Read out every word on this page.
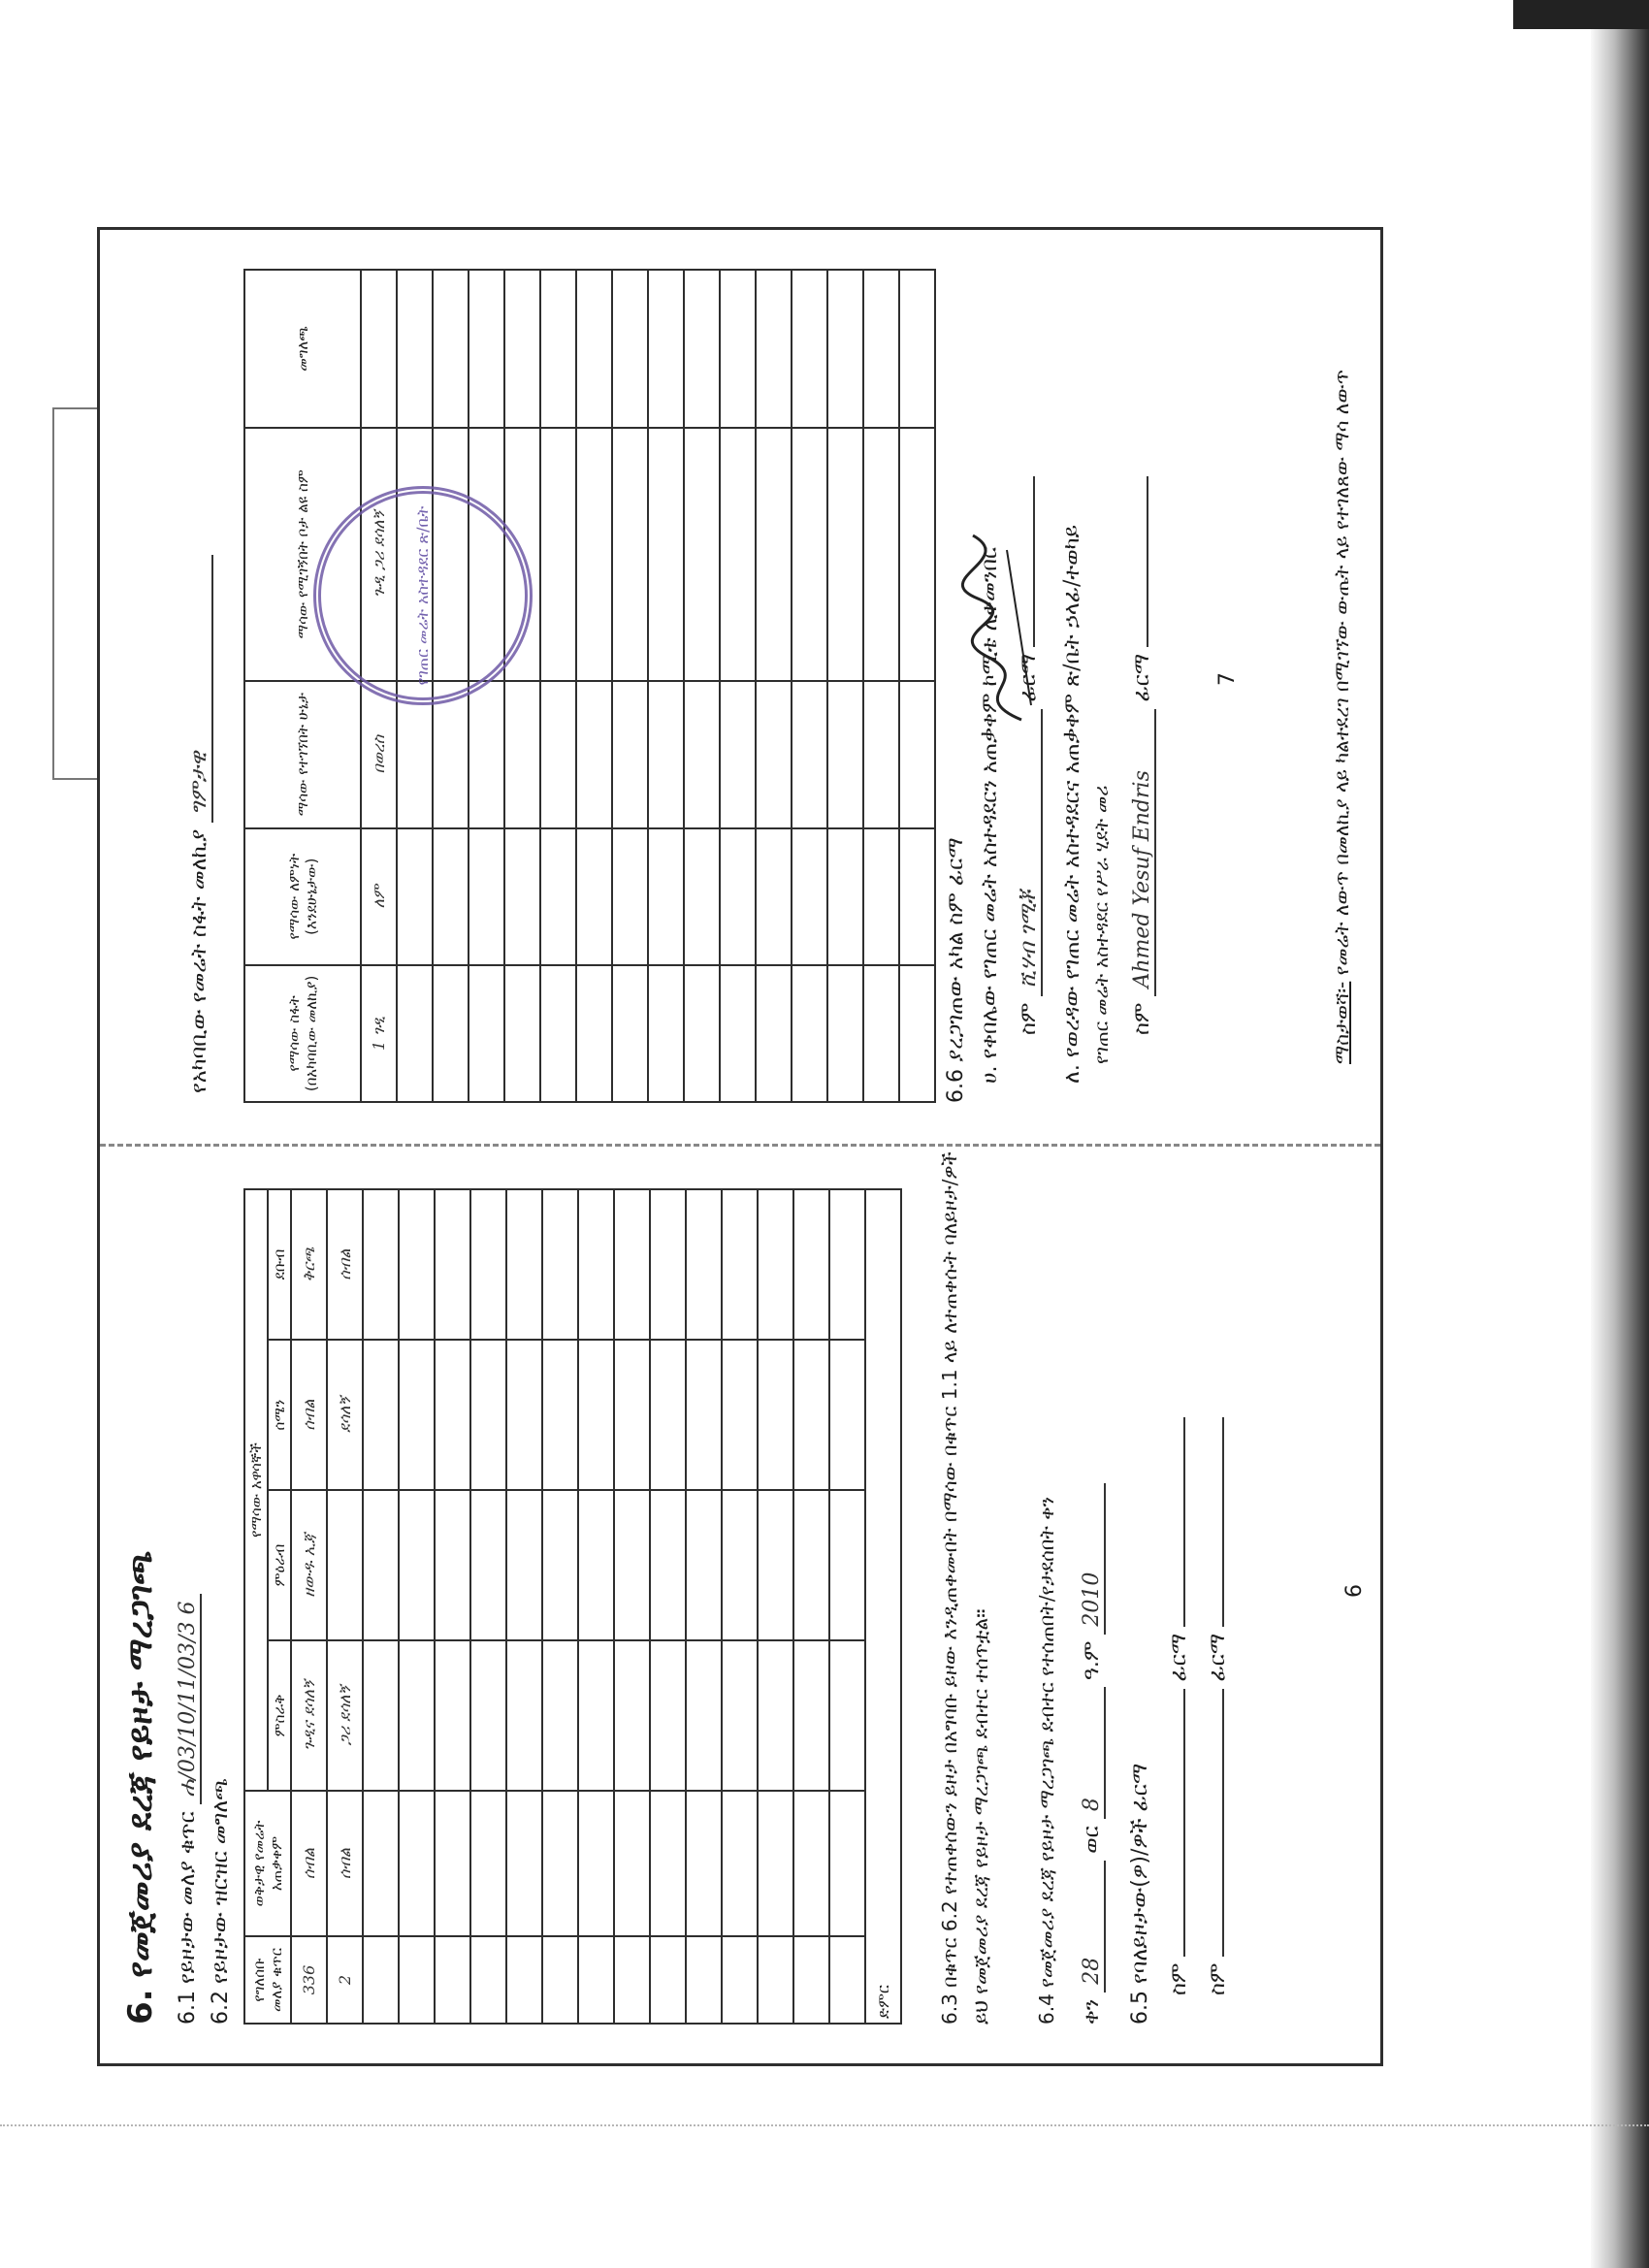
6. የመጀመሪያ ደረጃ የይዞታ ማረጋገጫ 6.1 የይዞታው መለያ ቁጥር ሐ/03/10/11/03/3 6
6.2 የይዞታው ዝርዝር መግለጫ የግለሰቡ መለያ ቁጥር	ወቅታዊ የመሬት አጠቃቀም	የማሳው አዋሳኞች			
		ምስራቅ	ምዕራብ	ሰሜን	ደቡብ
336	ሰብል	ጉዲና ደሳለኝ	ዘውዱ ኢጃ	ሰብል	ቅርጫ
2	ሰብል	ጋሪ ደሳለኝ		ደሳለኝ	ሰብል

ድምር					6.3 በቁጥር 6.2 የተጠቀሰውን ይዞታ በአግባቡ ይዞው እንዲጠቀሙበት በማሳው በቁጥር 1.1 ላይ ለተጠቀሱት ባለይዞታ/ዎች ይህ የመጀመሪያ ደረጃ የይዞታ ማረጋገጫ ደብተር ተሰጥቷል። 6.4 የመጀመሪያ ደረጃ የይዞታ ማረጋገጫ ደብተር የተሰጠበት/የታደሰበት ቀን ቀን 28 ወር 8 ዓ.ም 2010
6.5 የባለይዞታው(ዎ)/ዎች ፊርማ ስም  ፊርማ
ስም  ፊርማ
6
የአካባቢው የመሬት ስፋት መለኪያ ግምታዊ
የማሳው ስፋት (በአካባቢው መለኪያ)	የማሳው ለምነት (እንደሁኔታው)	ማሳው የተገኘበት ሁኔታ	ማሳው የሚገኝበት ቦታ ልዩ ስም	መግለጫ
1 ገዲ	ለም	በወረስ	ጉዲ ጋሪ ደሳለኝ	

6.6 ያረጋገጠው አካል ስም ፊርማ ሀ. የቀበሌው የገጠር መሬት አስተዳደርን አጠቃቀም ኮሚቴ ሊቀመንበር ስም ሺሃብ ገሚቾ ፊርማ ለ. የወረዳው የገጠር መሬት አስተዳደርና አጠቃቀም ጽ/ቤት ኃላፊ/ተወካይ የገጠር መሬት አስተዳደር የሥራ ሂደት መሪ ስም Ahmed Yesuf Endris ፊርማ	7
ማስታወሻ፡- የመሬት ለውጥ በመለኪያ ላይ ካልተደረገ በሚገኘው ውጤት ላይ የተገለጸው ማሳ ለውጥ
የገጠር መሬት አስተዳደር ጽ/ቤት
